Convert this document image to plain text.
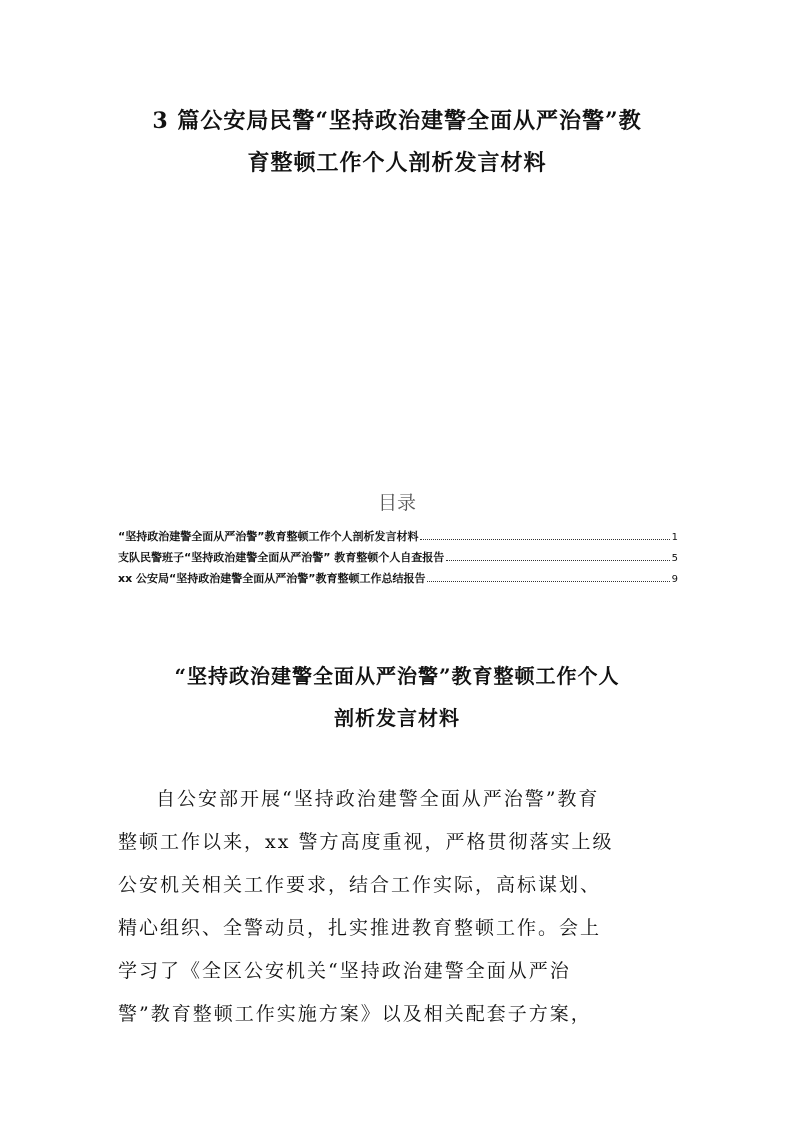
3 篇公安局民警“坚持政治建警全面从严治警”教
育整顿工作个人剖析发言材料
目录
“坚持政治建警全面从严治警”教育整顿工作个人剖析发言材料	1
支队民警班子“坚持政治建警全面从严治警” 教育整顿个人自查报告	5
xx 公安局“坚持政治建警全面从严治警”教育整顿工作总结报告	9
“坚持政治建警全面从严治警”教育整顿工作个人
剖析发言材料
自公安部开展“坚持政治建警全面从严治警”教育
整顿工作以来，xx 警方高度重视，严格贯彻落实上级
公安机关相关工作要求，结合工作实际，高标谋划、
精心组织、全警动员，扎实推进教育整顿工作。会上
学习了《全区公安机关“坚持政治建警全面从严治
警”教育整顿工作实施方案》以及相关配套子方案，
